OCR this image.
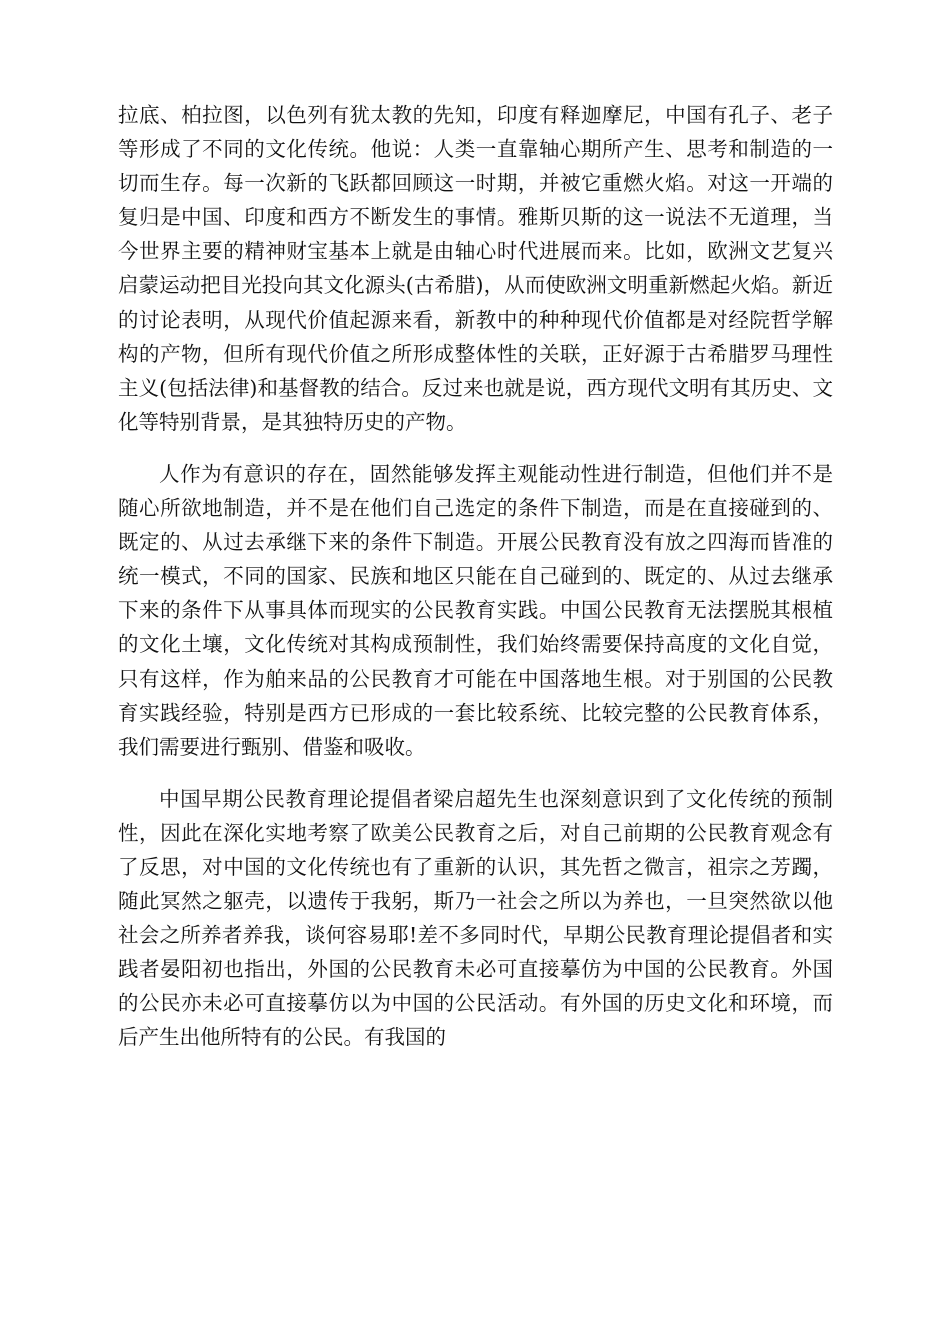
拉底、柏拉图，以色列有犹太教的先知，印度有释迦摩尼，中国有孔子、老子等形成了不同的文化传统。他说：人类一直靠轴心期所产生、思考和制造的一切而生存。每一次新的飞跃都回顾这一时期，并被它重燃火焰。对这一开端的复归是中国、印度和西方不断发生的事情。雅斯贝斯的这一说法不无道理，当今世界主要的精神财宝基本上就是由轴心时代进展而来。比如，欧洲文艺复兴启蒙运动把目光投向其文化源头(古希腊)，从而使欧洲文明重新燃起火焰。新近的讨论表明，从现代价值起源来看，新教中的种种现代价值都是对经院哲学解构的产物，但所有现代价值之所形成整体性的关联，正好源于古希腊罗马理性主义(包括法律)和基督教的结合。反过来也就是说，西方现代文明有其历史、文化等特别背景，是其独特历史的产物。

人作为有意识的存在，固然能够发挥主观能动性进行制造，但他们并不是随心所欲地制造，并不是在他们自己选定的条件下制造，而是在直接碰到的、既定的、从过去承继下来的条件下制造。开展公民教育没有放之四海而皆准的统一模式，不同的国家、民族和地区只能在自己碰到的、既定的、从过去继承下来的条件下从事具体而现实的公民教育实践。中国公民教育无法摆脱其根植的文化土壤，文化传统对其构成预制性，我们始终需要保持高度的文化自觉，只有这样，作为舶来品的公民教育才可能在中国落地生根。对于别国的公民教育实践经验，特别是西方已形成的一套比较系统、比较完整的公民教育体系，我们需要进行甄别、借鉴和吸收。

中国早期公民教育理论提倡者梁启超先生也深刻意识到了文化传统的预制性，因此在深化实地考察了欧美公民教育之后，对自己前期的公民教育观念有了反思，对中国的文化传统也有了重新的认识，其先哲之微言，祖宗之芳躅，随此冥然之躯壳，以遗传于我躬，斯乃一社会之所以为养也，一旦突然欲以他社会之所养者养我，谈何容易耶!差不多同时代，早期公民教育理论提倡者和实践者晏阳初也指出，外国的公民教育未必可直接摹仿为中国的公民教育。外国的公民亦未必可直接摹仿以为中国的公民活动。有外国的历史文化和环境，而后产生出他所特有的公民。有我国的
